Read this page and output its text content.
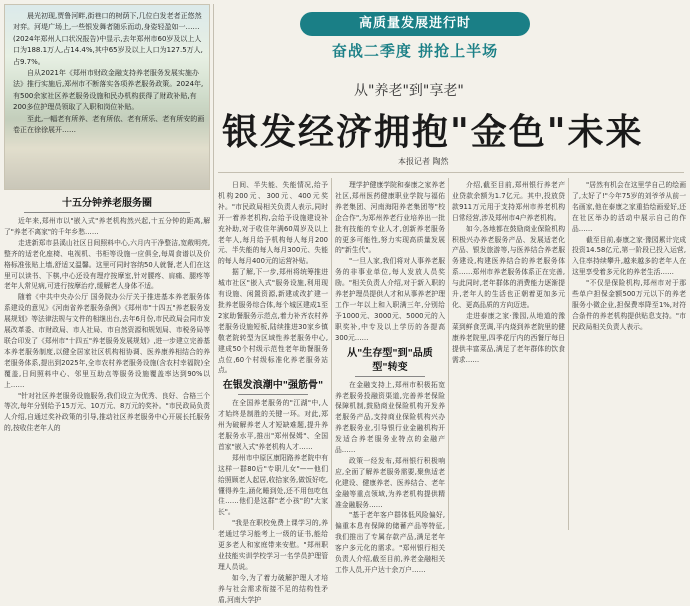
晨光初现,贾鲁河畔,街巷口的树荫下,几位白发老者正悠然对弈。河堤广场上,一些银发舞者随乐而动,身姿轻盈如一……(2024年郑州人口状况报告)中显示,去年郑州市60岁及以上人口为188.1万人,占14.4%,其中65岁及以上人口为127.5万人,占9.7%。

自从2021年《郑州市财政金融支持养老服务发展实施办法》推行实施后,郑州市不断落实各项养老服务政策。2024年,有500余家社区养老服务设施和民办机构获得了财政补贴,有200多位护理员领取了入职和岗位补贴。

至此,一幅老有所养、老有所依、老有所乐、老有所安的画卷正在徐徐展开……

高质量发展进行时
奋战二季度 拼抢上半场
从"养老"到"享老"
银发经济拥抱"金色"未来
本报记者 陶然
十五分钟养老服务圈

近年来,郑州市以"嵌入式"养老机构然兴起,十五分钟的距离,解了"养老不离家"的千年乡愁……

走进新郑市县溪山社区日间照料中心,六月内干净整洁,宽敞明亮,整齐的适老化座椅、电视机、书柜等设施一应俱全,每周食谱以及价格标准张贴上墙,舒适又温馨。这里可同时容纳50人就餐,老人们在这里可以读书、下棋,中心还设有理疗按摩室,针对腰疼、肩痛、腿疼等老年人常见病,可进行按摩治疗,缓解老人身体不适。

随着《中共中央办公厅 国务院办公厅关于推进基本养老服务体系建设的意见》《河南省养老服务条例》《郑州市"十四五"养老服务发展规划》等法律法规与文件的相继出台,去年6月份,市民政局会同市发展改革委、市财政局、市人社局、市自然资源和规划局、市税务局等联合印发了《郑州市"十四五"养老服务发展规划》,进一步建立完善基本养老服务制度,以健全居家社区机构相协调、医养康养相结合的养老服务体系,提出到2025年,全市农村养老服务设施(含农村幸福院)全覆盖,日间照料中心、邻里互助点等服务设施覆盖率达到90%以上……

"针对社区养老服务设施服务,我们设立为优秀、良好、合格三个等次,每年分别给予15万元、10万元、8万元的奖补。"市民政局负责人介绍,自通过奖补政策的引导,推动社区养老服务中心开展长托服务的,按收住老年人的

日间、半失能、失能情况,给予机构200元、300元、400元奖补。"市民政局相关负责人表示,同时开一着养老机构,会给予设施建设补充补助,对于收住年满60周岁及以上老年人,每月给予机构每人每月200元、半失能的每人每月300元、失能的每人每月400元的运营补贴。

据了解,下一步,郑州将统筹推进城市社区"嵌入式"服务设施,利用现有设施、闲置资源,新建或改扩建一批养老服务综合体,每个城区建成1至2家助餐服务示范点,着力补齐农村养老服务设施短板,陆续推进30家乡镇敬老院转型为区域性养老服务中心,建成50个村级示范性老年助餐服务点位,60个村级标准化养老服务站点。

在银发浪潮中"强筋骨"

在全国养老服务的"江湖"中,人才始终是制胜的关键一环。对此,郑州为破解养老人才短缺难题,提升养老服务水平,推出"郑州保姆"、全国首家"嵌入式"养老机构人才……

郑州市中原区康阳路养老院中有这样一群80后"专职儿女"——他们给照顾老人起居,收拾家务,做饭好吃,懂得养生,涵化睡到处,还不用包吃包住……他们是这群"老小孩"的"大家长"。

"我是在职校免费上课学习的,养老通过学习能考上一级的证书,能给更多老人和家庭带来安慰。"郑州职业技能实训学校学习一名学员护理管理人员说。

如今,为了着力破解护理人才培养与社会需求衔接不足的结构性矛盾,河南大学护

理学护健康学院和泰康之家养老社区,郑州医药健康职业学院与福佑养老集团、河南海阳养老集团等"校企合作",为郑州养老行业培养出一批批有技能的专业人才,创新养老服务的更多可能性,努力实现高质量发展的"新生代"。

"一旦人家,我们将对人事养老服务的非事业单位,每人发放人员奖励。"相关负责人介绍,对于新入职的养老护理员提供人才和从事养老护理工作一年以上和入职满三年,分别给予1000元、3000元、5000元的入职奖补,中专及以上学历的各提高300元……

从"生存型"到"品质型"转变

在金融支持上,郑州市积极拓宽养老服务投融资渠道,完善养老保险保障机制,鼓励商业保险机构开发养老服务产品,支持商业保险机构兴办养老服务业,引导银行业金融机构开发适合养老服务业特点的金融产品……

政策一经发布,郑州银行积极响应,全面了解养老服务需要,聚焦适老化建设、健康养老、医养结合、老年金融等重点领域,为养老机构提供精准金融服务……

"基于老年客户群体低风险偏好,偏重本息有保障的储蓄产品等特征,我们推出了专属存款产品,满足老年客户多元化的需求。"郑州银行相关负责人介绍,截至目前,养老金融相关工作人员,开户达十余万户……

介绍,截至目前,郑州银行养老产业贷款余额为1.7亿元。其中,投放贷款911万元用于支持郑州市养老机构日常经营,涉及郑州市4户养老机构。

如今,各地都在鼓励商业保险机构积极兴办养老服务产品、发展适老化产品、银发旅游等,与医养结合养老服务建设,构建医养结合的养老服务体系……郑州市养老服务体系正在完善,与此同时,老年群体的消费能力逐渐提升,老年人的生活也正朝着更加多元化、更高品质的方向迈进。

走进泰康之家·豫园,从地道的豫菜到鲜食烹调,平内烧到养老院里的健康养老院里,四季花厅内的西餐厅每日提供丰富菜品,满足了老年群体的饮食需求……

"居然有机会在这里学自己的绘画了,太好了!"今年75岁的刘爷爷从前一名画家,他在泰康之家重拾绘画爱好,还在社区举办的活动中展示自己的作品……

截至目前,泰康之家·豫园累计完成投资14.58亿元,第一阶段已投入运营,入住率持续攀升,越来越多的老年人在这里享受着多元化的养老生活……

"不仅是保险机构,郑州市对于那些单户担保金额500万元以下的养老服务小微企业,担保费率降至1%,对符合条件的养老机构提供贴息支持。"市民政局相关负责人表示。
